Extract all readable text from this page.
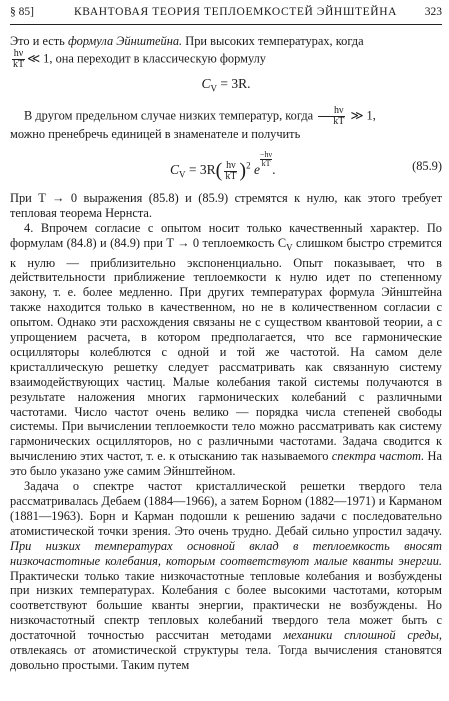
§ 85]	КВАНТОВАЯ ТЕОРИЯ ТЕПЛОЕМКОСТЕЙ ЭЙНШТЕЙНА 323

Это и есть формула Эйнштейна. При высоких температурах, когда

$\frac{h\nu}{kT}$ ≪ 1, она переходит в классическую формулу

$C_V = 3R$.

В другом предельном случае низких температур, когда $\frac{h\nu}{kT}$ ≫ 1,
можно пренебречь единицей в знаменателе и получить

$C_V = 3R( \frac{h\nu}{kT} )^2$ e
$\frac{-h\nu}{kT}$.	(85.9)

При T → 0 выражения (85.8) и (85.9) стремятся к нулю, как этого требует тепловая теорема Нернста.

4. Впрочем согласие с опытом носит только качественный характер. По формулам (84.8) и (84.9) при T → 0 теплоемкость $C_V$ слишком быстро стремится к нулю — приблизительно экспоненциально. Опыт показывает, что в действительности приближение теплоемкости к нулю идет по степенному закону, т. е. более медленно. При других температурах формула Эйнштейна также находится только в качественном, но не в количественном согласии с опытом. Однако эти расхождения связаны не с существом квантовой теории, а с упрощением расчета, в котором предполагается, что все гармонические осцилляторы колеблются с одной и той же частотой. На самом деле кристаллическую решетку следует рассматривать как связанную систему взаимодействующих частиц. Малые колебания такой системы получаются в результате наложения многих гармонических колебаний с различными частотами. Число частот очень велико — порядка числа степеней свободы системы. При вычислении теплоемкости тело можно рассматривать как систему гармонических осцилляторов, но с различными частотами. Задача сводится к вычислению этих частот, т. е. к отысканию так называемого спектра частот. На это было указано уже самим Эйнштейном.

Задача о спектре частот кристаллической решетки твердого тела рассматривалась Дебаем (1884—1966), а затем Борном (1882—1971) и Карманом (1881—1963). Борн и Карман подошли к решению задачи с последовательно атомистической точки зрения. Это очень трудно. Дебай сильно упростил задачу. При низких температурах основной вклад в теплоемкость вносят низкочастотные колебания, которым соответствуют малые кванты энергии. Практически только такие низкочастотные тепловые колебания и возбуждены при низких температурах. Колебания с более высокими частотами, которым соответствуют большие кванты энергии, практически не возбуждены. Но низкочастотный спектр тепловых колебаний твердого тела может быть с достаточной точностью рассчитан методами механики сплошной среды, отвлекаясь от атомистической структуры тела. Тогда вычисления становятся довольно простыми. Таким путем
